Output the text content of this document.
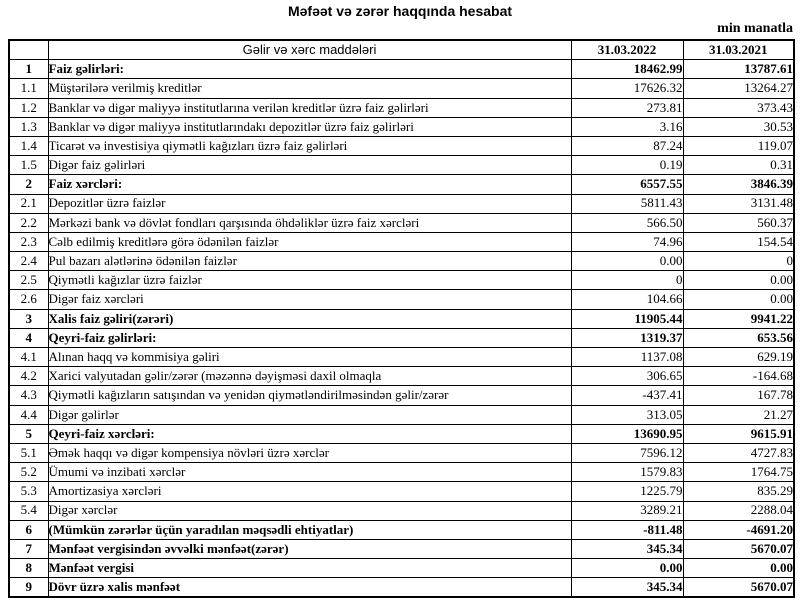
Məfəət və zərər haqqında hesabat
min manatla
	Gəlir və xərc maddələri	31.03.2022	31.03.2021
1	Faiz gəlirləri:	18462.99	13787.61
1.1	Müştərilərə verilmiş kreditlər	17626.32	13264.27
1.2	Banklar və digər maliyyə institutlarına verilən kreditlər üzrə faiz gəlirləri	273.81	373.43
1.3	Banklar və digər maliyyə institutlarındakı depozitlər üzrə faiz gəlirləri	3.16	30.53
1.4	Ticarət və investisiya qiymətli kağızları üzrə faiz gəlirləri	87.24	119.07
1.5	Digər faiz gəlirləri	0.19	0.31
2	Faiz xərcləri:	6557.55	3846.39
2.1	Depozitlər üzrə faizlər	5811.43	3131.48
2.2	Mərkəzi bank və dövlət fondları qarşısında öhdəliklər üzrə faiz xərcləri	566.50	560.37
2.3	Cəlb edilmiş kreditlərə görə ödənilən faizlər	74.96	154.54
2.4	Pul bazarı alətlərinə ödənilən faizlər	0.00	0
2.5	Qiymətli kağızlar üzrə faizlər	0	0.00
2.6	Digər faiz xərcləri	104.66	0.00
3	Xalis faiz gəliri(zərəri)	11905.44	9941.22
4	Qeyri-faiz gəlirləri:	1319.37	653.56
4.1	Alınan haqq və kommisiya gəliri	1137.08	629.19
4.2	Xarici valyutadan gəlir/zərər (məzənnə dəyişməsi daxil olmaqla	306.65	-164.68
4.3	Qiymətli kağızların satışından və yenidən qiymətləndirilməsindən gəlir/zərər	-437.41	167.78
4.4	Digər gəlirlər	313.05	21.27
5	Qeyri-faiz xərcləri:	13690.95	9615.91
5.1	Əmək haqqı və digər kompensiya növləri üzrə xərclər	7596.12	4727.83
5.2	Ümumi və inzibati xərclər	1579.83	1764.75
5.3	Amortizasiya xərcləri	1225.79	835.29
5.4	Digər xərclər	3289.21	2288.04
6	(Mümkün zərərlər üçün yaradılan məqsədli ehtiyatlar)	-811.48	-4691.20
7	Mənfəət vergisindən əvvəlki mənfəət(zərər)	345.34	5670.07
8	Mənfəət vergisi	0.00	0.00
9	Dövr üzrə xalis mənfəət	345.34	5670.07
